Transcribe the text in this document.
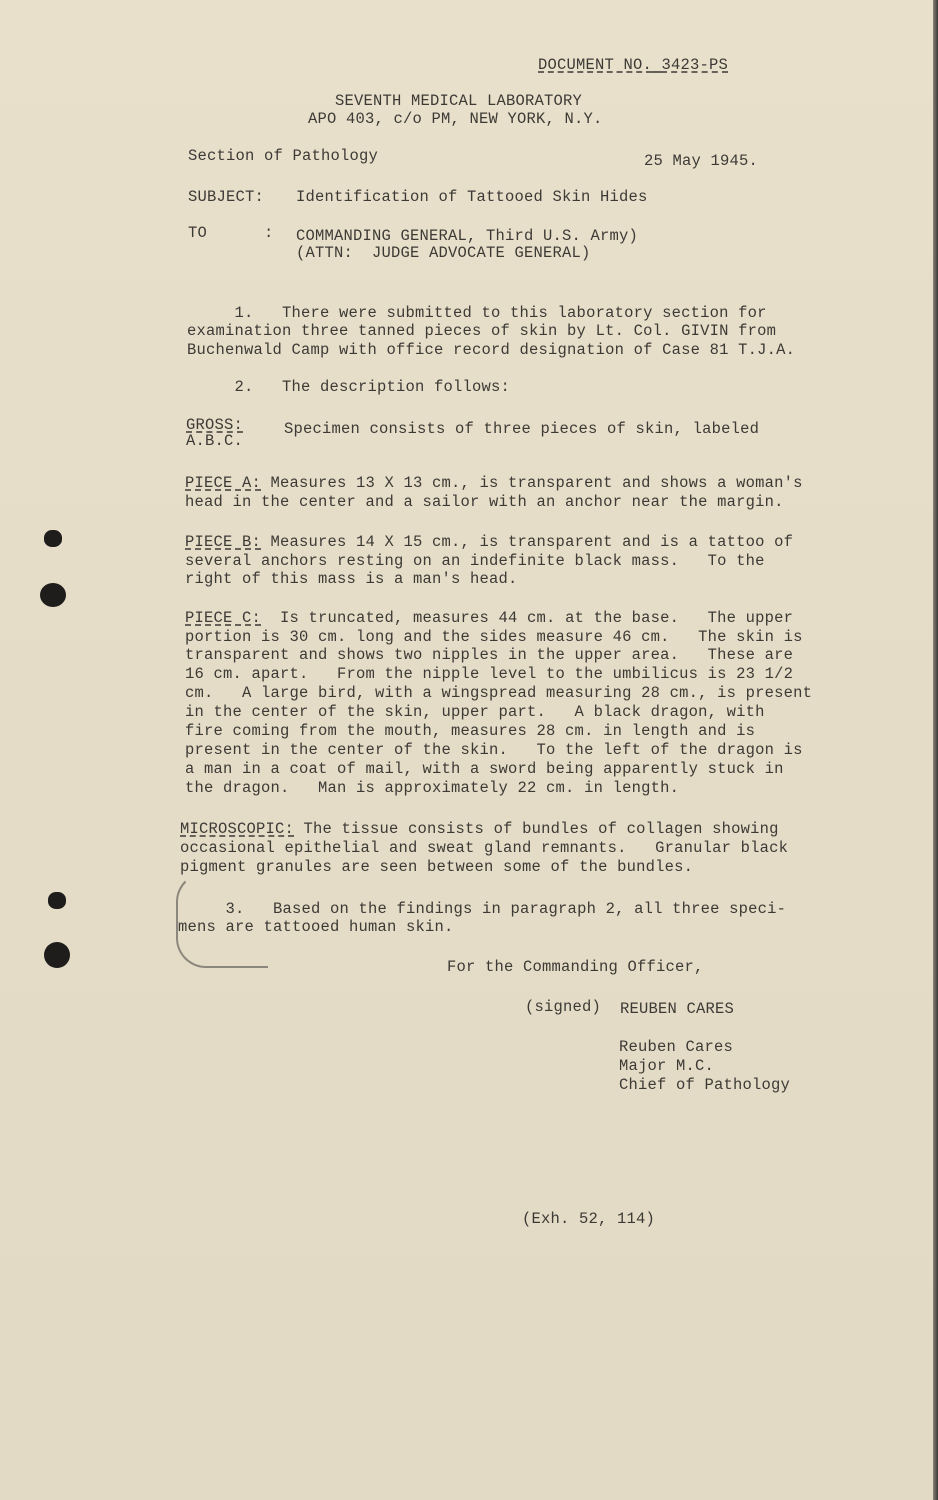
DOCUMENT NO. 3423-PS
SEVENTH MEDICAL LABORATORY
APO 403, c/o PM, NEW YORK, N.Y.
Section of Pathology	25 May 1945.
SUBJECT: Identification of Tattooed Skin Hides
TO      : COMMANDING GENERAL, Third U.S. Army)
(ATTN:  JUDGE ADVOCATE GENERAL)
1.   There were submitted to this laboratory section for
examination three tanned pieces of skin by Lt. Col. GIVIN from
Buchenwald Camp with office record designation of Case 81 T.J.A.
2.   The description follows:
GROSS:	Specimen consists of three pieces of skin, labeled
A.B.C.
PIECE A: Measures 13 X 13 cm., is transparent and shows a woman's
head in the center and a sailor with an anchor near the margin.
PIECE B: Measures 14 X 15 cm., is transparent and is a tattoo of
several anchors resting on an indefinite black mass.   To the
right of this mass is a man's head.
PIECE C:  Is truncated, measures 44 cm. at the base.   The upper
portion is 30 cm. long and the sides measure 46 cm.   The skin is
transparent and shows two nipples in the upper area.   These are
16 cm. apart.   From the nipple level to the umbilicus is 23 1/2
cm.   A large bird, with a wingspread measuring 28 cm., is present
in the center of the skin, upper part.   A black dragon, with
fire coming from the mouth, measures 28 cm. in length and is
present in the center of the skin.   To the left of the dragon is
a man in a coat of mail, with a sword being apparently stuck in
the dragon.   Man is approximately 22 cm. in length.
MICROSCOPIC: The tissue consists of bundles of collagen showing
occasional epithelial and sweat gland remnants.   Granular black
pigment granules are seen between some of the bundles.
3.   Based on the findings in paragraph 2, all three speci-
mens are tattooed human skin.
For the Commanding Officer,
(signed) REUBEN CARES
Reuben Cares
Major M.C.
Chief of Pathology
(Exh. 52, 114)
